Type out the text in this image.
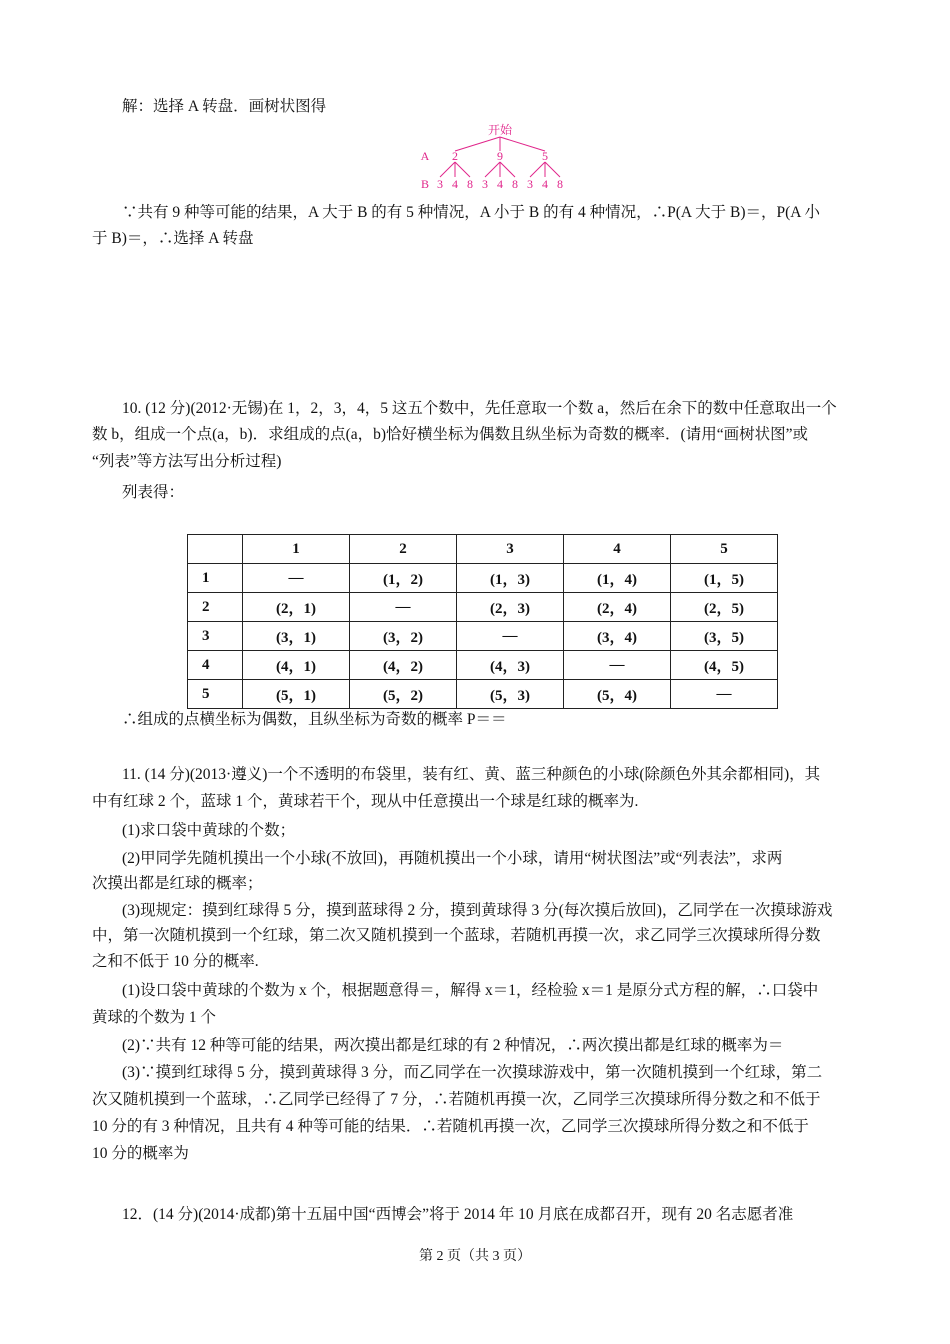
解：选择 A 转盘．画树状图得
开始
A 2	9	5
B 3 4 8 3 4 8 3 4 8
∵共有 9 种等可能的结果，A 大于 B 的有 5 种情况，A 小于 B 的有 4 种情况，∴P(A 大于 B)＝，P(A 小
于 B)＝，∴选择 A 转盘
10. (12 分)(2012·无锡)在 1，2，3，4，5 这五个数中，先任意取一个数 a，然后在余下的数中任意取出一个
数 b，组成一个点(a，b)．求组成的点(a，b)恰好横坐标为偶数且纵坐标为奇数的概率．(请用“画树状图”或
“列表”等方法写出分析过程)
列表得：
	1	2	3	4	5
1	—	(1，2)	(1，3)	(1，4)	(1，5)
2	(2，1)	—	(2，3)	(2，4)	(2，5)
3	(3，1)	(3，2)	—	(3，4)	(3，5)
4	(4，1)	(4，2)	(4，3)	—	(4，5)
5	(5，1)	(5，2)	(5，3)	(5，4)	—
∴组成的点横坐标为偶数，且纵坐标为奇数的概率 P＝＝
11. (14 分)(2013·遵义)一个不透明的布袋里，装有红、黄、蓝三种颜色的小球(除颜色外其余都相同)，其
中有红球 2 个，蓝球 1 个，黄球若干个，现从中任意摸出一个球是红球的概率为.
(1)求口袋中黄球的个数；
(2)甲同学先随机摸出一个小球(不放回)，再随机摸出一个小球，请用“树状图法”或“列表法”，求两
次摸出都是红球的概率；
(3)现规定：摸到红球得 5 分，摸到蓝球得 2 分，摸到黄球得 3 分(每次摸后放回)，乙同学在一次摸球游戏
中，第一次随机摸到一个红球，第二次又随机摸到一个蓝球，若随机再摸一次，求乙同学三次摸球所得分数
之和不低于 10 分的概率.
(1)设口袋中黄球的个数为 x 个，根据题意得＝，解得 x＝1，经检验 x＝1 是原分式方程的解，∴口袋中
黄球的个数为 1 个
(2)∵共有 12 种等可能的结果，两次摸出都是红球的有 2 种情况，∴两次摸出都是红球的概率为＝
(3)∵摸到红球得 5 分，摸到黄球得 3 分，而乙同学在一次摸球游戏中，第一次随机摸到一个红球，第二
次又随机摸到一个蓝球，∴乙同学已经得了 7 分，∴若随机再摸一次，乙同学三次摸球所得分数之和不低于
10 分的有 3 种情况，且共有 4 种等可能的结果．∴若随机再摸一次，乙同学三次摸球所得分数之和不低于
10 分的概率为
12．(14 分)(2014·成都)第十五届中国“西博会”将于 2014 年 10 月底在成都召开，现有 20 名志愿者准
第 2 页（共 3 页）
